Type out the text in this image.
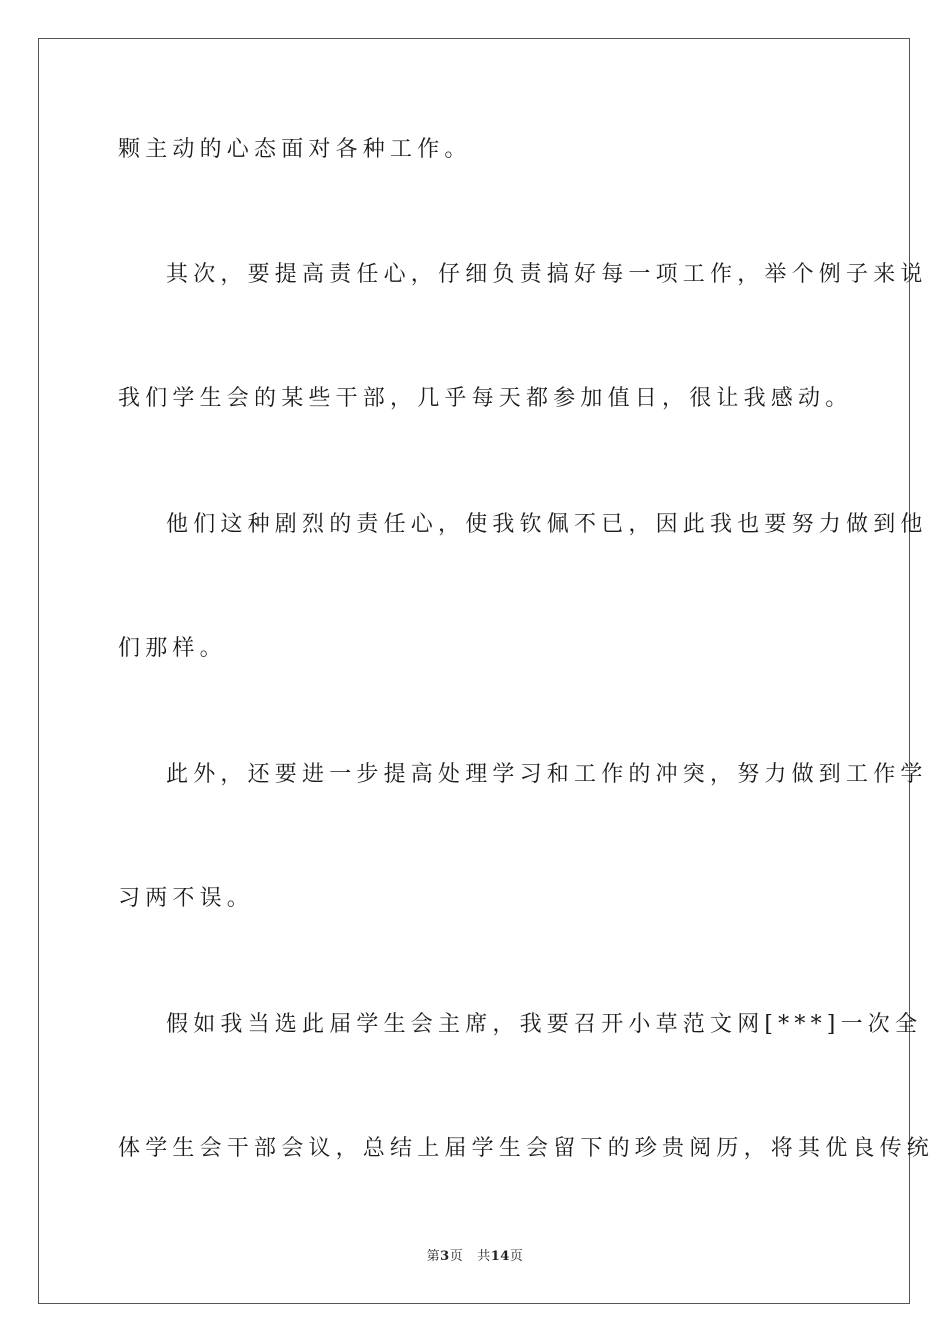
颗主动的心态面对各种工作。
其次，要提高责任心，仔细负责搞好每一项工作，举个例子来说
我们学生会的某些干部，几乎每天都参加值日，很让我感动。
他们这种剧烈的责任心，使我钦佩不已，因此我也要努力做到他
们那样。
此外，还要进一步提高处理学习和工作的冲突，努力做到工作学
习两不误。
假如我当选此届学生会主席，我要召开小草范文网[***]一次全
体学生会干部会议，总结上届学生会留下的珍贵阅历，将其优良传统
第3页 共14页
